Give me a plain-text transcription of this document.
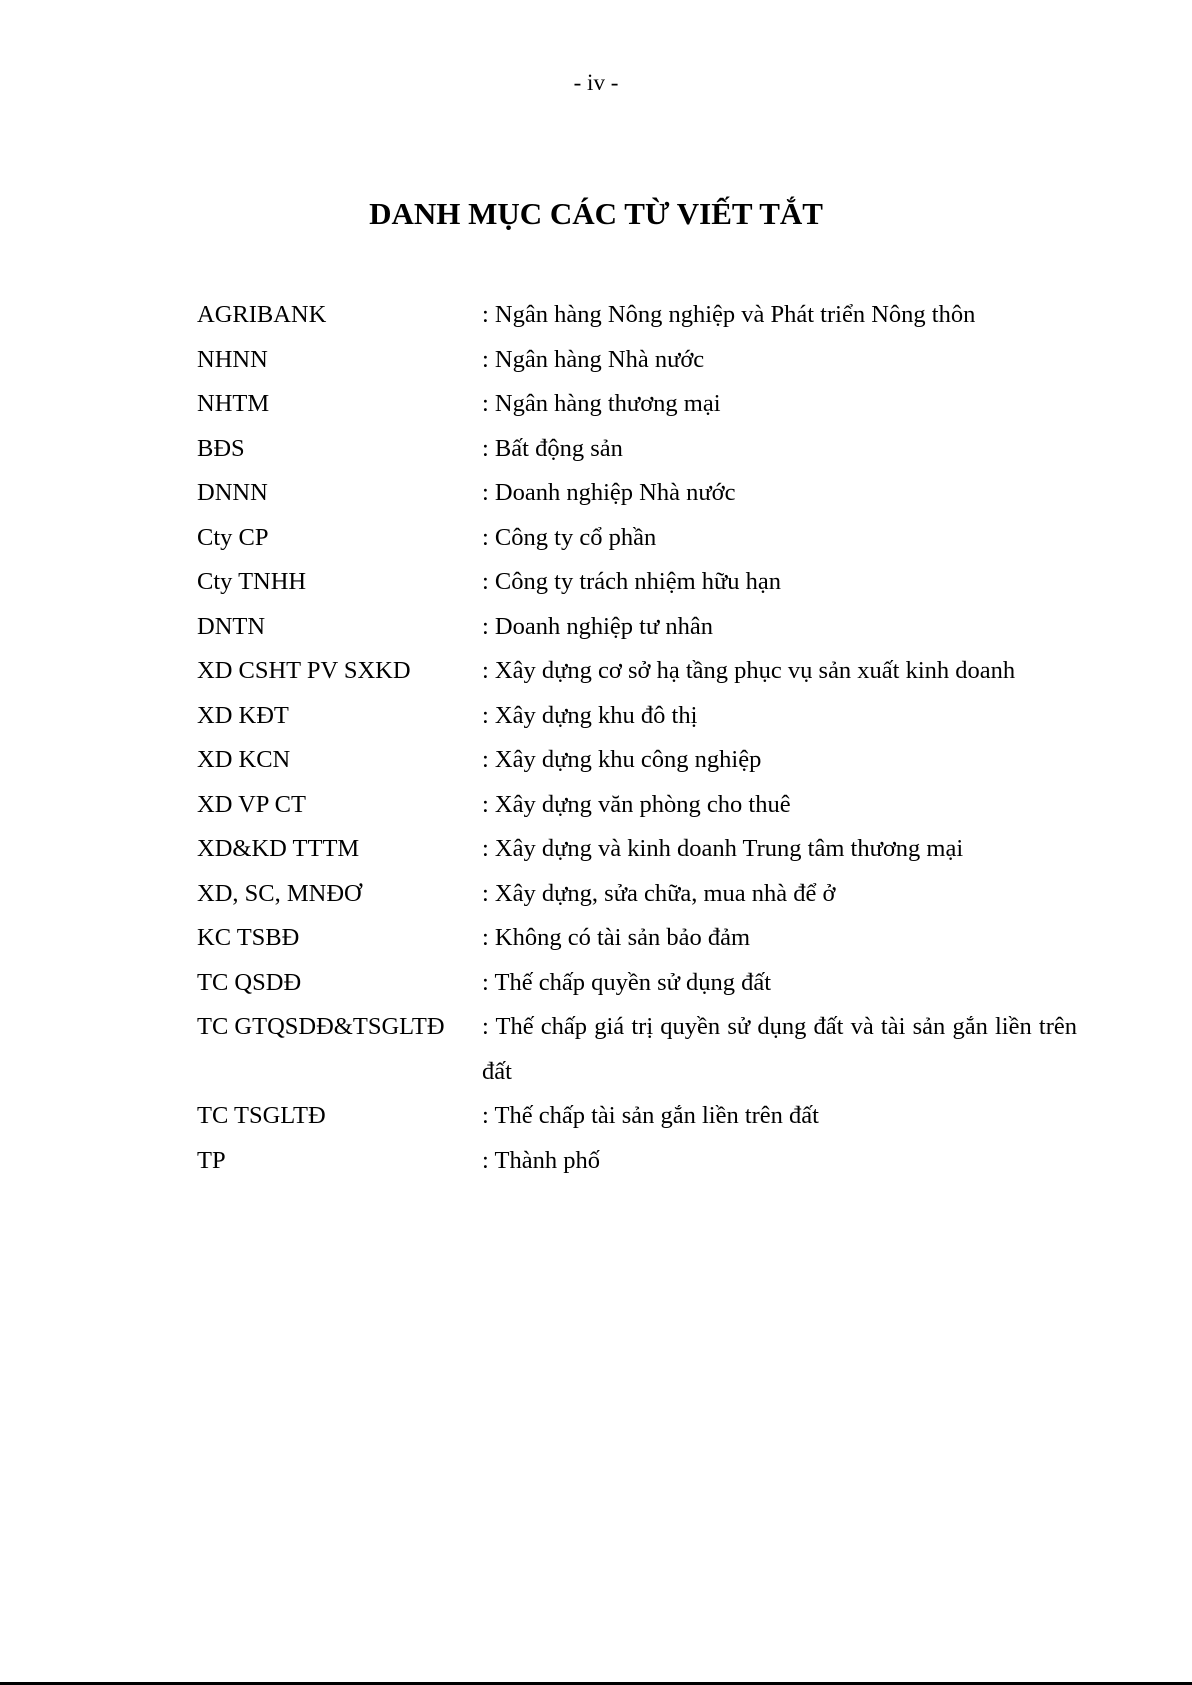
- iv -
DANH MỤC CÁC TỪ VIẾT TẮT
AGRIBANK	: Ngân hàng Nông nghiệp và Phát triển Nông thôn
NHNN	: Ngân hàng Nhà nước
NHTM	: Ngân hàng thương mại
BĐS	: Bất động sản
DNNN	: Doanh nghiệp Nhà nước
Cty CP	: Công ty cổ phần
Cty TNHH	: Công ty trách nhiệm hữu hạn
DNTN	: Doanh nghiệp tư nhân
XD CSHT PV SXKD	: Xây dựng cơ sở hạ tầng phục vụ sản xuất kinh doanh
XD KĐT	: Xây dựng khu đô thị
XD KCN	: Xây dựng khu công nghiệp
XD VP CT	: Xây dựng văn phòng cho thuê
XD&KD TTTM	: Xây dựng và kinh doanh Trung tâm thương mại
XD, SC, MNĐƠ	: Xây dựng, sửa chữa, mua nhà để ở
KC TSBĐ	: Không có tài sản bảo đảm
TC QSDĐ	: Thế chấp quyền sử dụng đất
TC GTQSDĐ&TSGLTĐ	: Thế chấp giá trị quyền sử dụng đất và tài sản gắn liền trên đất
TC TSGLTĐ	: Thế chấp tài sản gắn liền trên đất
TP	: Thành phố
